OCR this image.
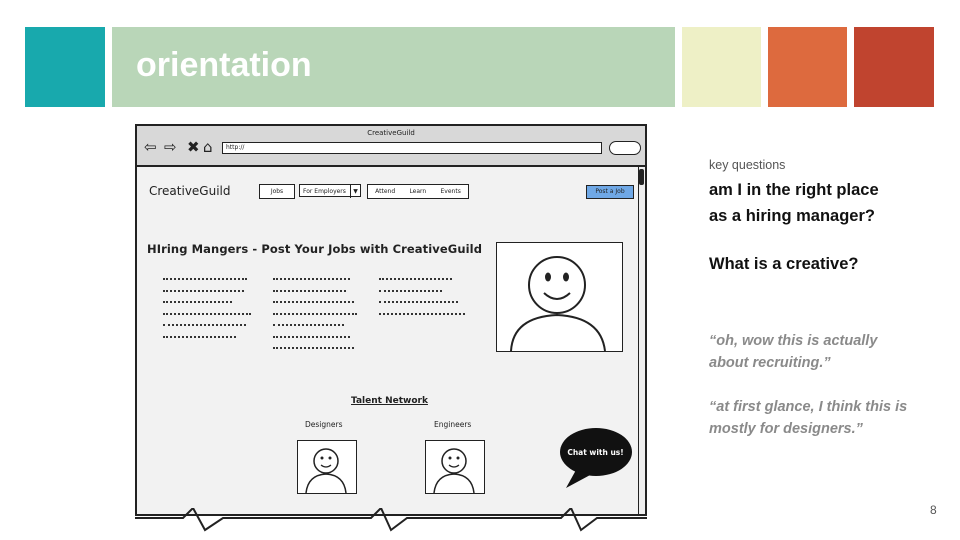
orientation
CreativeGuild
⇦ ⇨ ✖ ⌂	http://
CreativeGuild	Jobs	For Employers	▼	Attend Learn Events	Post a Job
HIring Mangers - Post Your Jobs with CreativeGuild
Talent Network
Designers	Engineers
Chat with us!
key questions
am I in the right place
as a hiring manager?
What is a creative?
“oh, wow this is actually
about recruiting.”
“at first glance, I think this is
mostly for designers.”
8
